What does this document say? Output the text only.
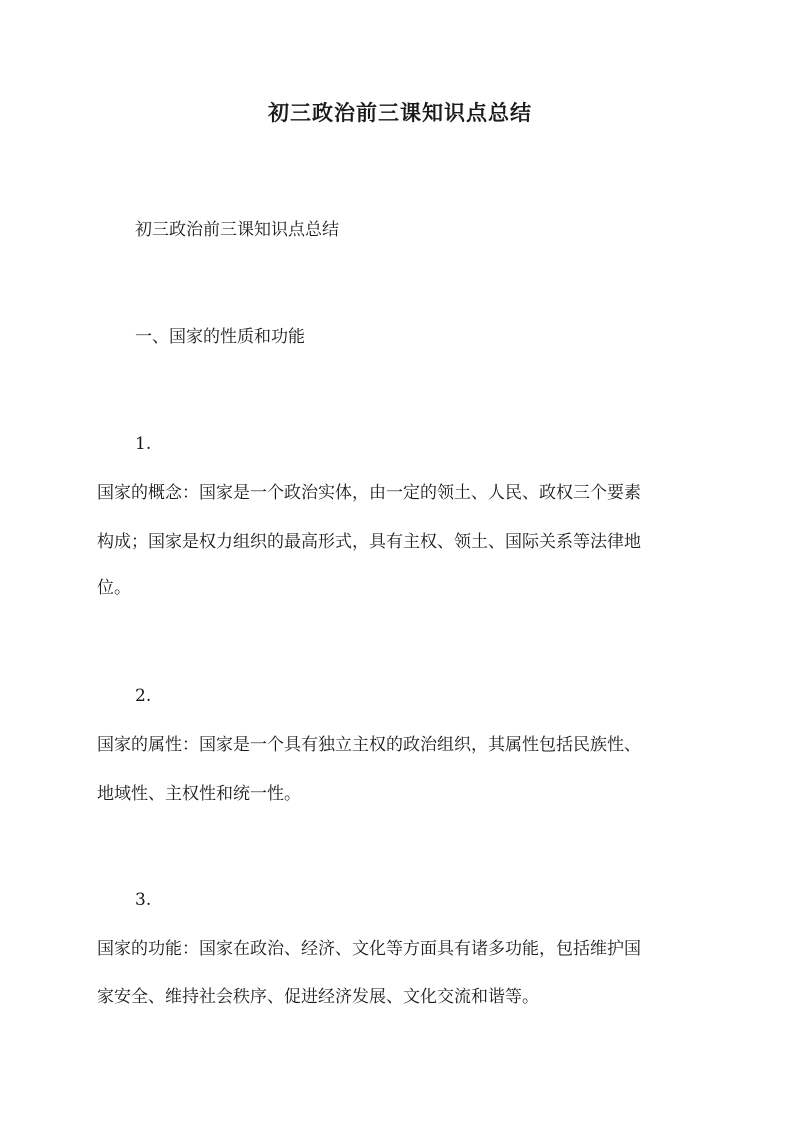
初三政治前三课知识点总结
初三政治前三课知识点总结
一、国家的性质和功能
1.
国家的概念：国家是一个政治实体，由一定的领土、人民、政权三个要素
构成；国家是权力组织的最高形式，具有主权、领土、国际关系等法律地
位。
2.
国家的属性：国家是一个具有独立主权的政治组织，其属性包括民族性、
地域性、主权性和统一性。
3.
国家的功能：国家在政治、经济、文化等方面具有诸多功能，包括维护国
家安全、维持社会秩序、促进经济发展、文化交流和谐等。
